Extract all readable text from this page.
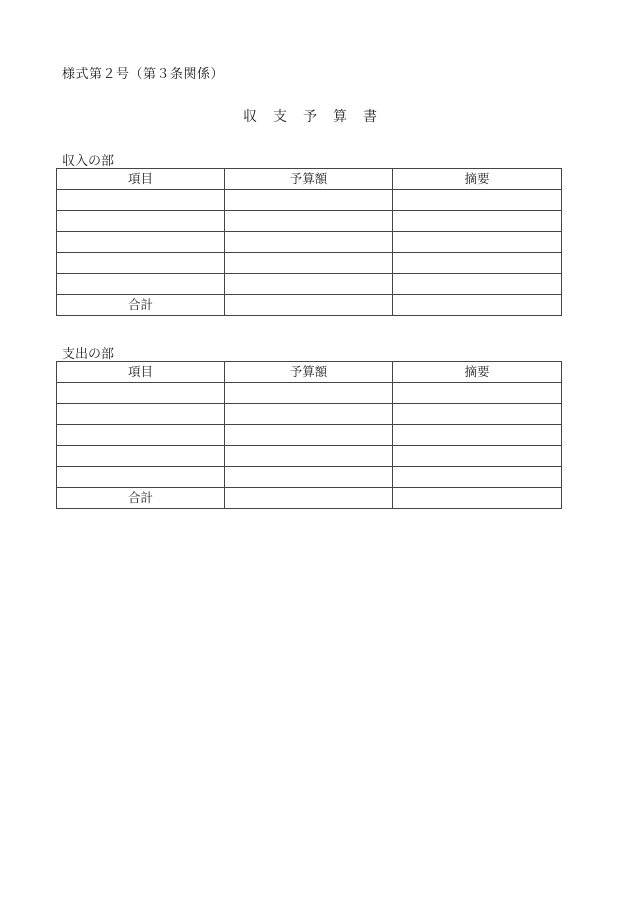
様式第２号（第３条関係）
収支予算書
収入の部
項目	予算額	摘要

合計		
支出の部
項目	予算額	摘要

合計		
